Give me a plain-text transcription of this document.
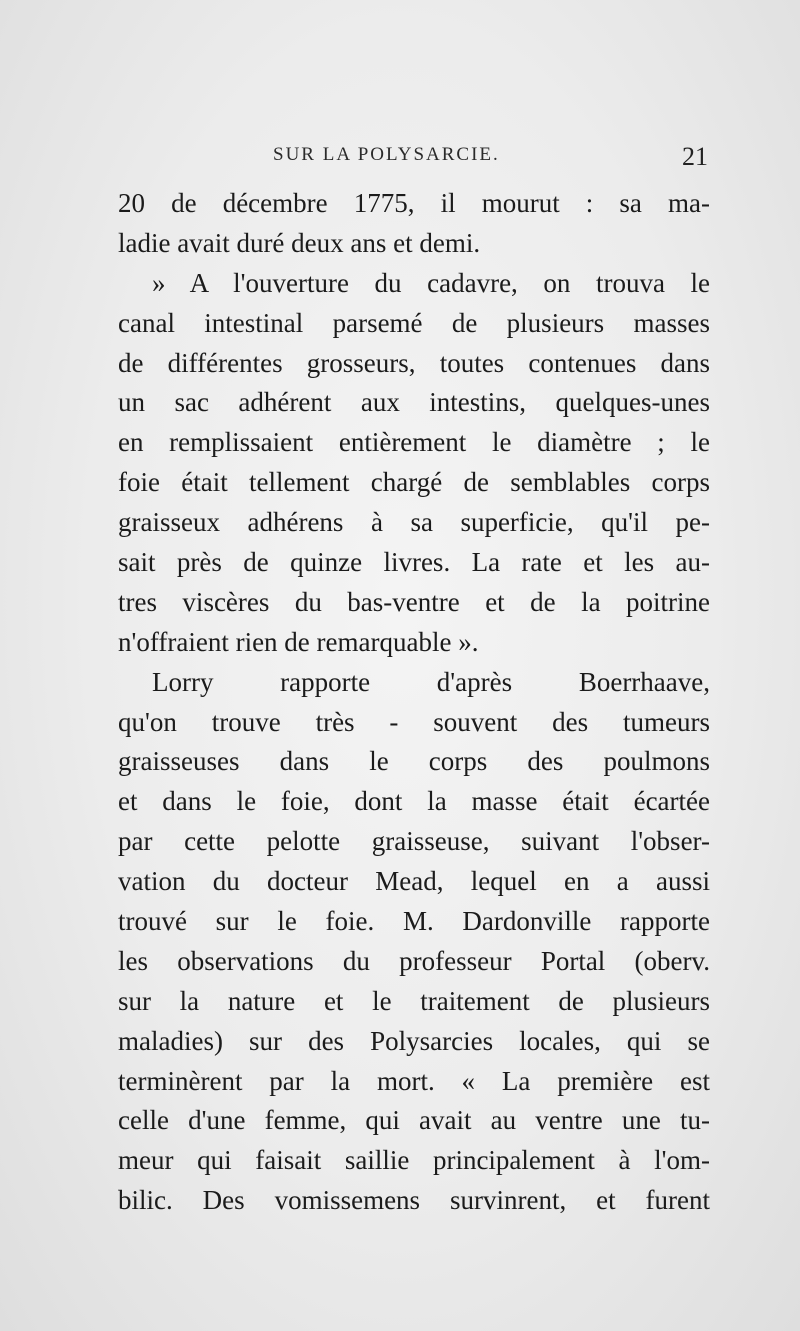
SUR LA POLYSARCIE.	21
20 de décembre 1775, il mourut : sa ma-
ladie avait duré deux ans et demi.
» A l'ouverture du cadavre, on trouva le
canal intestinal parsemé de plusieurs masses
de différentes grosseurs, toutes contenues dans
un sac adhérent aux intestins, quelques-unes
en remplissaient entièrement le diamètre ; le
foie était tellement chargé de semblables corps
graisseux adhérens à sa superficie, qu'il pe-
sait près de quinze livres. La rate et les au-
tres viscères du bas-ventre et de la poitrine
n'offraient rien de remarquable ».
Lorry rapporte d'après Boerrhaave,
qu'on trouve très - souvent des tumeurs
graisseuses dans le corps des poulmons
et dans le foie, dont la masse était écartée
par cette pelotte graisseuse, suivant l'obser-
vation du docteur Mead, lequel en a aussi
trouvé sur le foie. M. Dardonville rapporte
les observations du professeur Portal (oberv.
sur la nature et le traitement de plusieurs
maladies) sur des Polysarcies locales, qui se
terminèrent par la mort. « La première est
celle d'une femme, qui avait au ventre une tu-
meur qui faisait saillie principalement à l'om-
bilic. Des vomissemens survinrent, et furent
